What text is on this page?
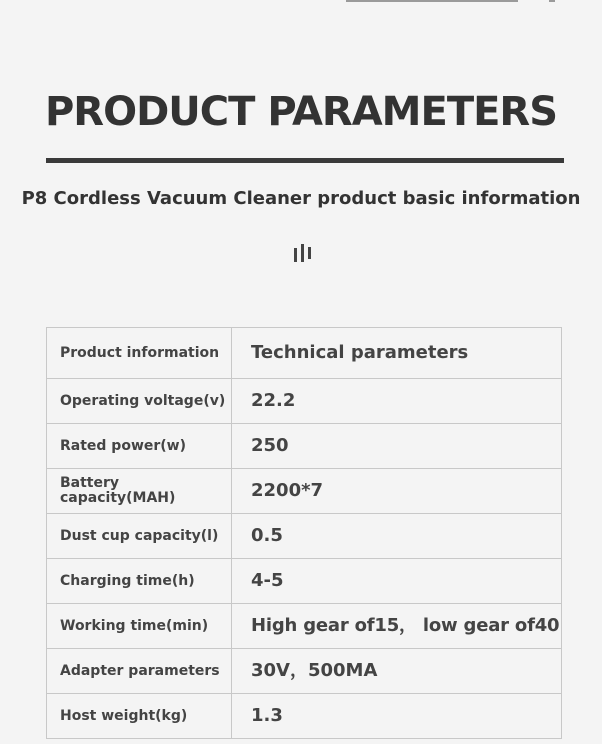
PRODUCT PARAMETERS
P8 Cordless Vacuum Cleaner product basic information
Product information	Technical parameters
Operating voltage(v)	22.2
Rated power(w)	250
Battery capacity(MAH)	2200*7
Dust cup capacity(l)	0.5
Charging time(h)	4-5
Working time(min)	High gear of15， low gear of40
Adapter parameters	30V，500MA
Host weight(kg)	1.3
